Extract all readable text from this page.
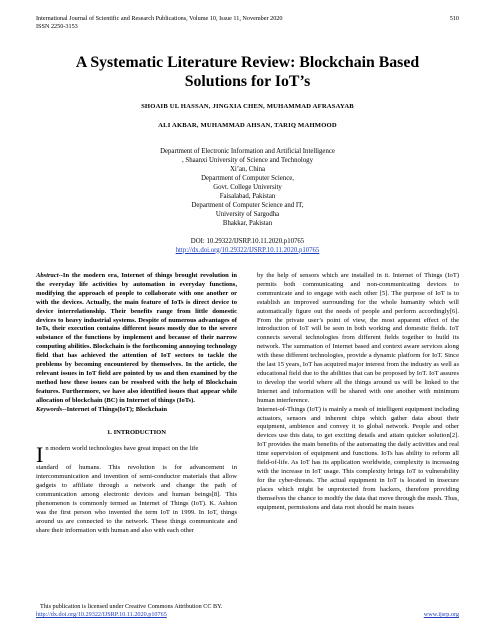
International Journal of Scientific and Research Publications, Volume 10, Issue 11, November 2020	510
ISSN 2250-3153
A Systematic Literature Review: Blockchain Based
Solutions for IoT’s
SHOAIB UL HASSAN, JINGXIA CHEN, MUHAMMAD AFRASAYAB
ALI AKBAR, MUHAMMAD AHSAN, TARIQ MAHMOOD
Department of Electronic Information and Artificial Intelligence
, Shaanxi University of Science and Technology
Xi’an, China
Department of Computer Science,
Govt. College University
Faisalabad, Pakistan
Department of Computer Science and IT,
University of Sargodha
Bhakkar, Pakistan
DOI: 10.29322/IJSRP.10.11.2020.p10765
http://dx.doi.org/10.29322/IJSRP.10.11.2020.p10765

Abstract--In the modern era, Internet of things brought revolution in the everyday life activities by automation in everyday functions, modifying the approach of people to collaborate with one another or with the devices. Actually, the main feature of IoTs is direct device to device interrelationship. Their benefits range from little domestic devices to heavy industrial systems. Despite of numerous advantages of IoTs, their execution contains different issues mostly due to the severe substance of the functions by implement and because of their narrow computing abilities. Blockchain is the forthcoming annoying technology field that has achieved the attention of IoT sectors to tackle the problems by becoming encountered by themselves. In the article, the relevant issues in IoT field are pointed by us and then examined by the method how these issues can be resolved with the help of Blockchain features. Furthermore, we have also identified issues that appear while allocation of blockchain (BC) in Internet of things (IoTs).

Keywords--Internet of Things(IoT); Blockchain

1. INTRODUCTION
I n modern world technologies have great impact on the life
standard of humans. This revolution is for advancement in intercommunication and invention of semi-conductor materials that allow gadgets to affiliate through a network and change the path of communication among electronic devices and human beings[8]. This phenomenon is commonly termed as Internet of Things (IoT). K. Ashton was the first person who invented the term IoT in 1999. In IoT, things around us are connected to the network. These things communicate and share their information with human and also with each other

by the help of sensors which are installed in it. Internet of Things (IoT) permits both communicating and non-communicating devices to communicate and to engage with each other [5]. The purpose of IoT is to establish an improved surrounding for the whole humanity which will automatically figure out the needs of people and perform accordingly[6]. From the private user’s point of view, the most apparent effect of the introduction of IoT will be seen in both working and domestic fields. IoT connects several technologies from different fields together to build its network. The summation of Internet based and context aware services along with these different technologies, provide a dynamic platform for IoT. Since the last 15 years, IoT has acquired major interest from the industry as well as educational field due to the abilities that can be proposed by IoT. IoT assures to develop the world where all the things around us will be linked to the Internet and information will be shared with one another with minimum human interference.

Internet-of-Things (IoT) is mainly a mesh of intelligent equipment including actuators, sensors and inherent chips which gather data about their equipment, ambience and convey it to global network. People and other devices use this data, to get exciting details and attain quicker solution[2]. IoT provides the main benefits of the automating the daily activities and real time supervision of equipment and functions. IoTs has ability to reform all field-of-life. As IoT has its application worldwide, complexity is increasing with the increase in IoT usage. This complexity brings IoT to vulnerability for the cyber-threats. The actual equipment in IoT is located in insecure places which might be unprotected from hackers, therefore providing themselves the chance to modify the data that move through the mesh. Thus, equipment, permissions and data root should be main issues

This publication is licensed under Creative Commons Attribution CC BY.
http://dx.doi.org/10.29322/IJSRP.10.11.2020.p10765	www.ijsrp.org
